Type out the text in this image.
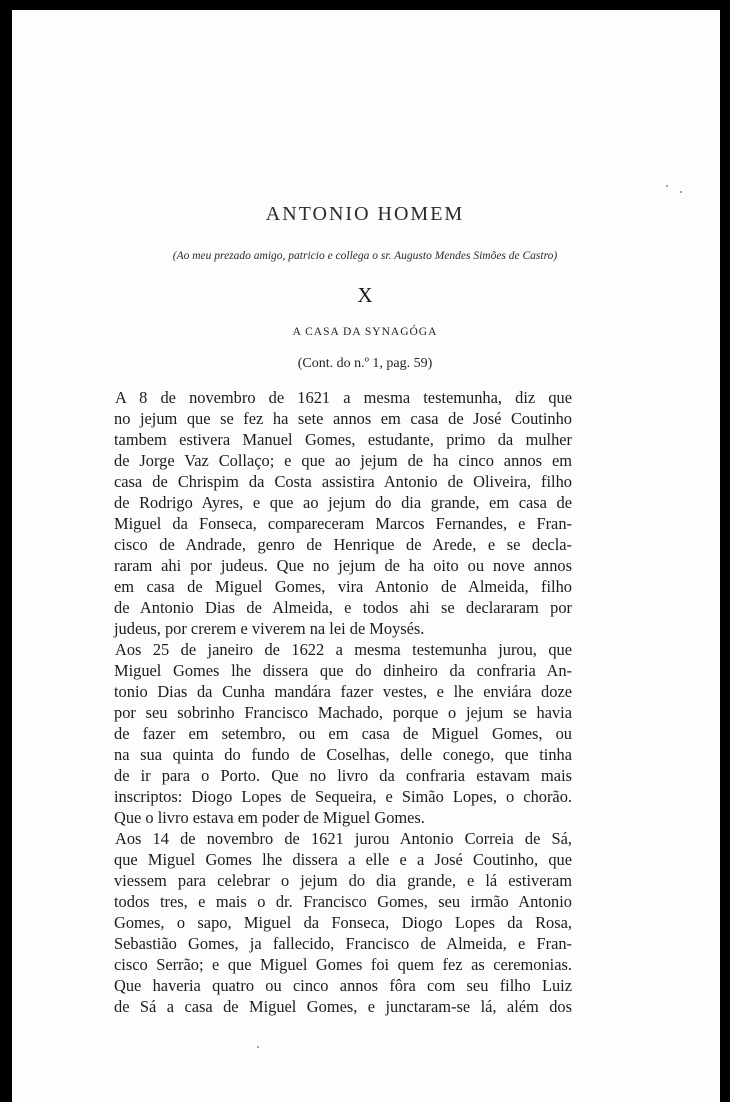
ANTONIO HOMEM
(Ao meu prezado amigo, patricio e collega o sr. Augusto Mendes Simões de Castro)
X
A CASA DA SYNAGÓGA
(Cont. do n.º 1, pag. 59)
A 8 de novembro de 1621 a mesma testemunha, diz que
no jejum que se fez ha sete annos em casa de José Coutinho
tambem estivera Manuel Gomes, estudante, primo da mulher
de Jorge Vaz Collaço; e que ao jejum de ha cinco annos em
casa de Chrispim da Costa assistira Antonio de Oliveira, filho
de Rodrigo Ayres, e que ao jejum do dia grande, em casa de
Miguel da Fonseca, compareceram Marcos Fernandes, e Fran-
cisco de Andrade, genro de Henrique de Arede, e se decla-
raram ahi por judeus. Que no jejum de ha oito ou nove annos
em casa de Miguel Gomes, vira Antonio de Almeida, filho
de Antonio Dias de Almeida, e todos ahi se declararam por
judeus, por crerem e viverem na lei de Moysés.
Aos 25 de janeiro de 1622 a mesma testemunha jurou, que
Miguel Gomes lhe dissera que do dinheiro da confraria An-
tonio Dias da Cunha mandára fazer vestes, e lhe enviára doze
por seu sobrinho Francisco Machado, porque o jejum se havia
de fazer em setembro, ou em casa de Miguel Gomes, ou
na sua quinta do fundo de Coselhas, delle conego, que tinha
de ir para o Porto. Que no livro da confraria estavam mais
inscriptos: Diogo Lopes de Sequeira, e Simão Lopes, o chorão.
Que o livro estava em poder de Miguel Gomes.
Aos 14 de novembro de 1621 jurou Antonio Correia de Sá,
que Miguel Gomes lhe dissera a elle e a José Coutinho, que
viessem para celebrar o jejum do dia grande, e lá estiveram
todos tres, e mais o dr. Francisco Gomes, seu irmão Antonio
Gomes, o sapo, Miguel da Fonseca, Diogo Lopes da Rosa,
Sebastião Gomes, ja fallecido, Francisco de Almeida, e Fran-
cisco Serrão; e que Miguel Gomes foi quem fez as ceremonias.
Que haveria quatro ou cinco annos fôra com seu filho Luiz
de Sá a casa de Miguel Gomes, e junctaram-se lá, além dos
